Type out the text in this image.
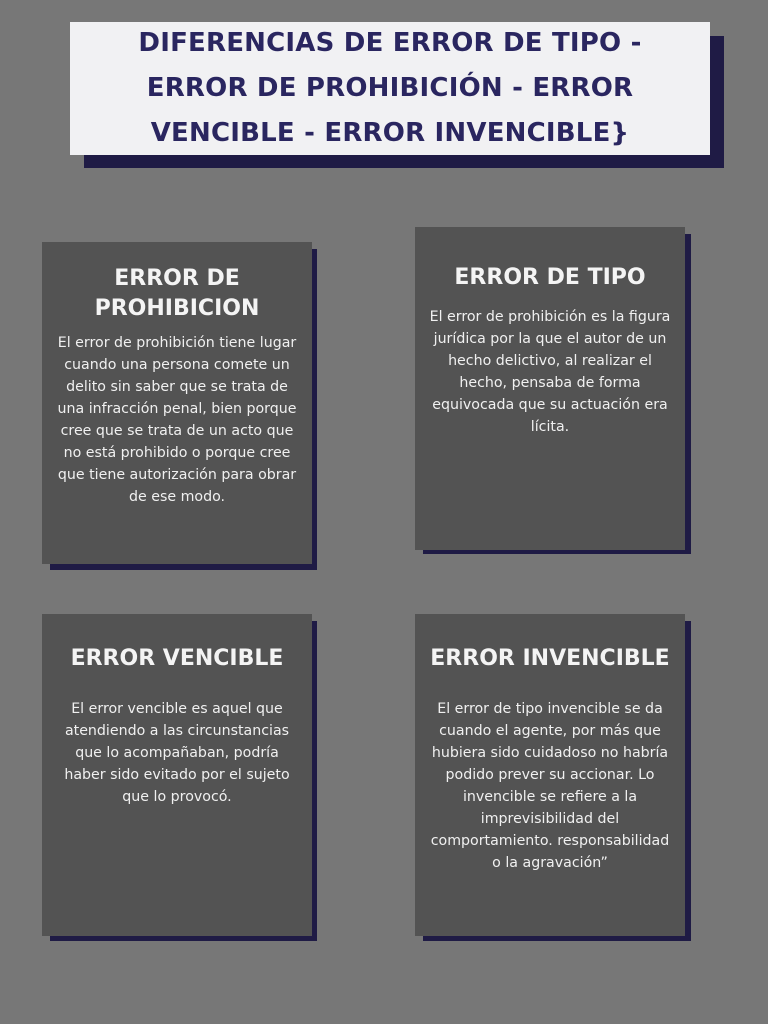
DIFERENCIAS DE ERROR DE TIPO - ERROR DE PROHIBICIÓN - ERROR VENCIBLE - ERROR INVENCIBLE}
ERROR DE PROHIBICION

El error de prohibición tiene lugar cuando una persona comete un delito sin saber que se trata de una infracción penal, bien porque cree que se trata de un acto que no está prohibido o porque cree que tiene autorización para obrar de ese modo.

ERROR DE TIPO

El error de prohibición es la figura jurídica por la que el autor de un hecho delictivo, al realizar el hecho, pensaba de forma equivocada que su actuación era lícita.

ERROR VENCIBLE

El error vencible es aquel que atendiendo a las circunstancias que lo acompañaban, podría haber sido evitado por el sujeto que lo provocó.

ERROR INVENCIBLE

El error de tipo invencible se da cuando el agente, por más que hubiera sido cuidadoso no habría podido prever su accionar. Lo invencible se refiere a la imprevisibilidad del comportamiento. responsabilidad o la agravación”
